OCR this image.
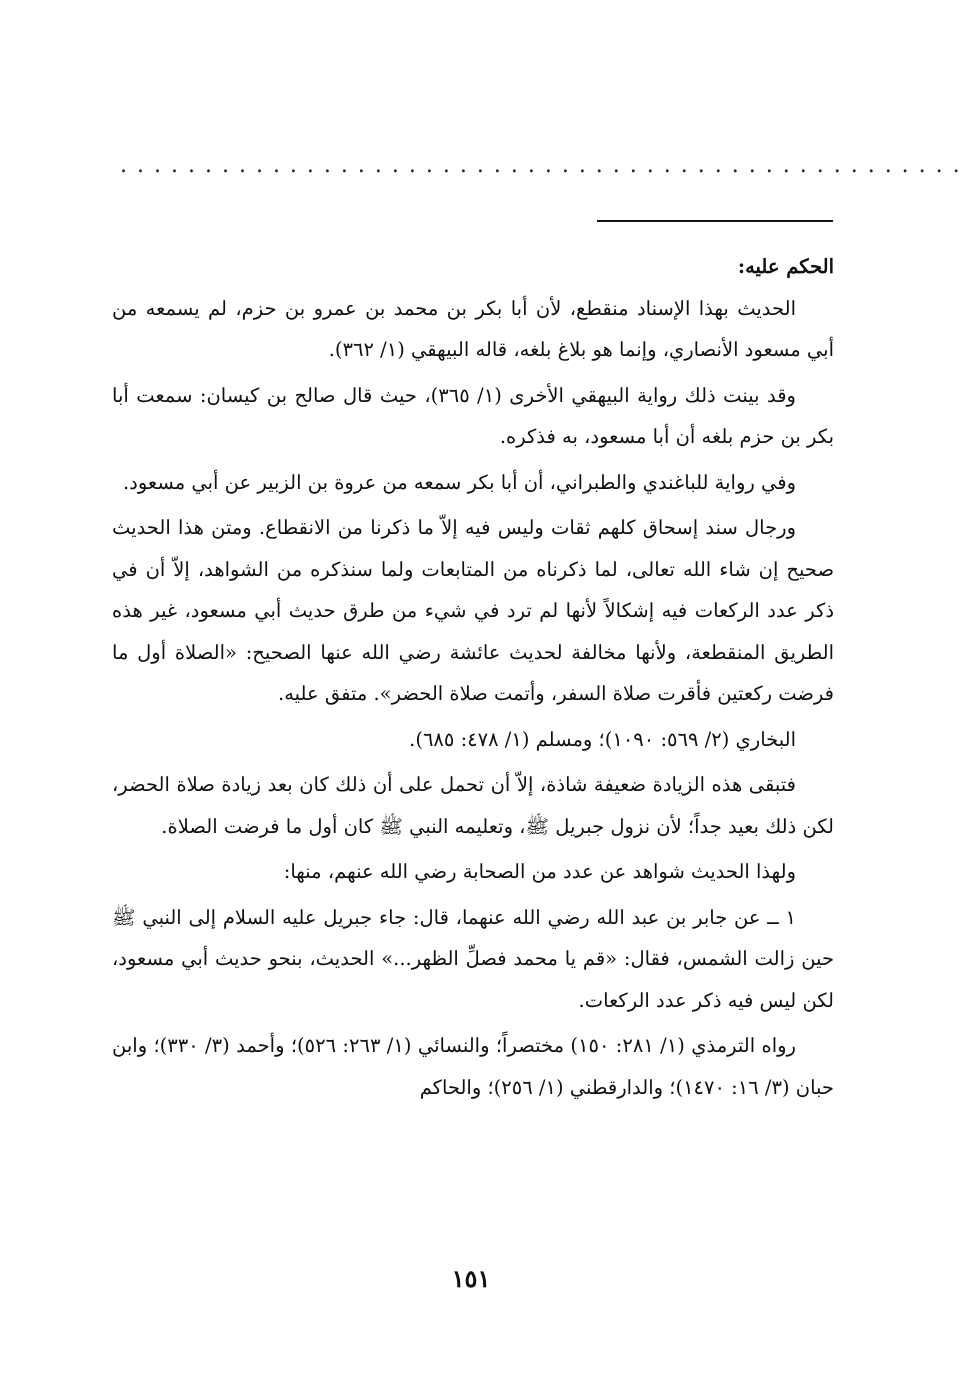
..................................................

الحكم عليه:

الحديث بهذا الإسناد منقطع، لأن أبا بكر بن محمد بن عمرو بن حزم، لم يسمعه من أبي مسعود الأنصاري، وإنما هو بلاغ بلغه، قاله البيهقي (١/ ٣٦٢).

وقد بينت ذلك رواية البيهقي الأخرى (١/ ٣٦٥)، حيث قال صالح بن كيسان: سمعت أبا بكر بن حزم بلغه أن أبا مسعود، به فذكره.

وفي رواية للباغندي والطبراني، أن أبا بكر سمعه من عروة بن الزبير عن أبي مسعود.

ورجال سند إسحاق كلهم ثقات وليس فيه إلاّ ما ذكرنا من الانقطاع. ومتن هذا الحديث صحيح إن شاء الله تعالى، لما ذكرناه من المتابعات ولما سنذكره من الشواهد، إلاّ أن في ذكر عدد الركعات فيه إشكالاً لأنها لم ترد في شيء من طرق حديث أبي مسعود، غير هذه الطريق المنقطعة، ولأنها مخالفة لحديث عائشة رضي الله عنها الصحيح: «الصلاة أول ما فرضت ركعتين فأقرت صلاة السفر، وأتمت صلاة الحضر». متفق عليه.

البخاري (٢/ ٥٦٩: ١٠٩٠)؛ ومسلم (١/ ٤٧٨: ٦٨٥).

فتبقى هذه الزيادة ضعيفة شاذة، إلاّ أن تحمل على أن ذلك كان بعد زيادة صلاة الحضر، لكن ذلك بعيد جداً؛ لأن نزول جبريل ﷺ، وتعليمه النبي ﷺ كان أول ما فرضت الصلاة.

ولهذا الحديث شواهد عن عدد من الصحابة رضي الله عنهم، منها:

١ ــ عن جابر بن عبد الله رضي الله عنهما، قال: جاء جبريل عليه السلام إلى النبي ﷺ حين زالت الشمس، فقال: «قم يا محمد فصلِّ الظهر...» الحديث، بنحو حديث أبي مسعود، لكن ليس فيه ذكر عدد الركعات.

رواه الترمذي (١/ ٢٨١: ١٥٠) مختصراً؛ والنسائي (١/ ٢٦٣: ٥٢٦)؛ وأحمد (٣/ ٣٣٠)؛ وابن حبان (٣/ ١٦: ١٤٧٠)؛ والدارقطني (١/ ٢٥٦)؛ والحاكم

١٥١
